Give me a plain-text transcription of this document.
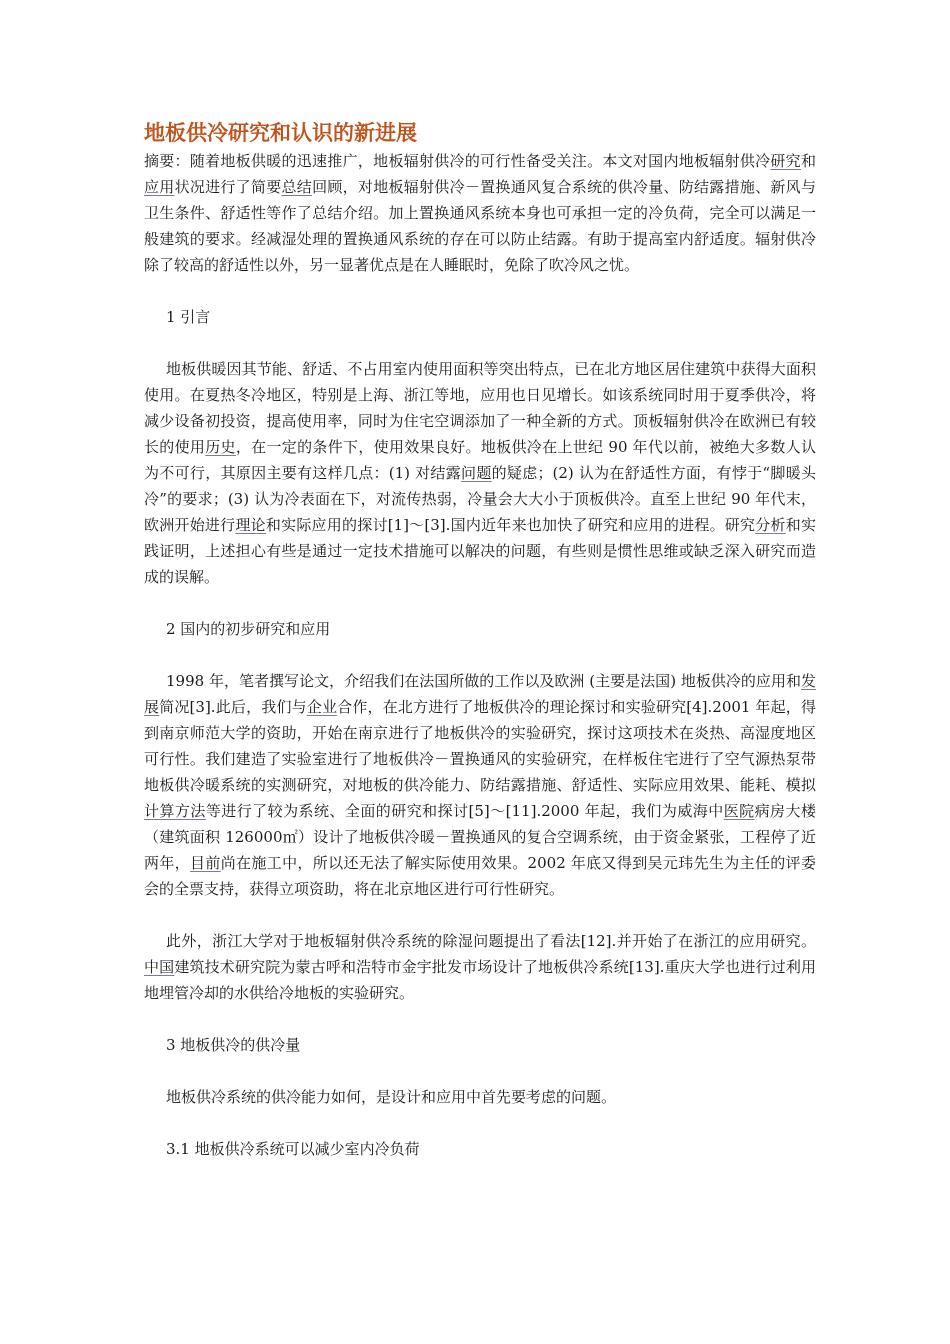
地板供冷研究和认识的新进展

摘要：随着地板供暖的迅速推广，地板辐射供冷的可行性备受关注。本文对国内地板辐射供冷研究和应用状况进行了简要总结回顾，对地板辐射供冷－置换通风复合系统的供冷量、防结露措施、新风与卫生条件、舒适性等作了总结介绍。加上置换通风系统本身也可承担一定的冷负荷，完全可以满足一般建筑的要求。经减湿处理的置换通风系统的存在可以防止结露。有助于提高室内舒适度。辐射供冷除了较高的舒适性以外，另一显著优点是在人睡眠时，免除了吹冷风之忧。

1 引言

地板供暖因其节能、舒适、不占用室内使用面积等突出特点，已在北方地区居住建筑中获得大面积使用。在夏热冬冷地区，特别是上海、浙江等地，应用也日见增长。如该系统同时用于夏季供冷，将减少设备初投资，提高使用率，同时为住宅空调添加了一种全新的方式。顶板辐射供冷在欧洲已有较长的使用历史，在一定的条件下，使用效果良好。地板供冷在上世纪 90 年代以前，被绝大多数人认为不可行，其原因主要有这样几点：(1) 对结露问题的疑虑；(2) 认为在舒适性方面，有悖于“脚暖头冷”的要求；(3) 认为冷表面在下，对流传热弱，冷量会大大小于顶板供冷。直至上世纪 90 年代末，欧洲开始进行理论和实际应用的探讨[1]～[3].国内近年来也加快了研究和应用的进程。研究分析和实践证明，上述担心有些是通过一定技术措施可以解决的问题，有些则是惯性思维或缺乏深入研究而造成的误解。

2 国内的初步研究和应用

1998 年，笔者撰写论文，介绍我们在法国所做的工作以及欧洲 (主要是法国) 地板供冷的应用和发展简况[3].此后，我们与企业合作，在北方进行了地板供冷的理论探讨和实验研究[4].2001 年起，得到南京师范大学的资助，开始在南京进行了地板供冷的实验研究，探讨这项技术在炎热、高湿度地区可行性。我们建造了实验室进行了地板供冷－置换通风的实验研究，在样板住宅进行了空气源热泵带地板供冷暖系统的实测研究，对地板的供冷能力、防结露措施、舒适性、实际应用效果、能耗、模拟计算方法等进行了较为系统、全面的研究和探讨[5]～[11].2000 年起，我们为威海中医院病房大楼（建筑面积 126000㎡）设计了地板供冷暖－置换通风的复合空调系统，由于资金紧张，工程停了近两年，目前尚在施工中，所以还无法了解实际使用效果。2002 年底又得到吴元玮先生为主任的评委会的全票支持，获得立项资助，将在北京地区进行可行性研究。

此外，浙江大学对于地板辐射供冷系统的除湿问题提出了看法[12].并开始了在浙江的应用研究。中国建筑技术研究院为蒙古呼和浩特市金宇批发市场设计了地板供冷系统[13].重庆大学也进行过利用地埋管冷却的水供给冷地板的实验研究。

3 地板供冷的供冷量

地板供冷系统的供冷能力如何，是设计和应用中首先要考虑的问题。

3.1 地板供冷系统可以减少室内冷负荷
